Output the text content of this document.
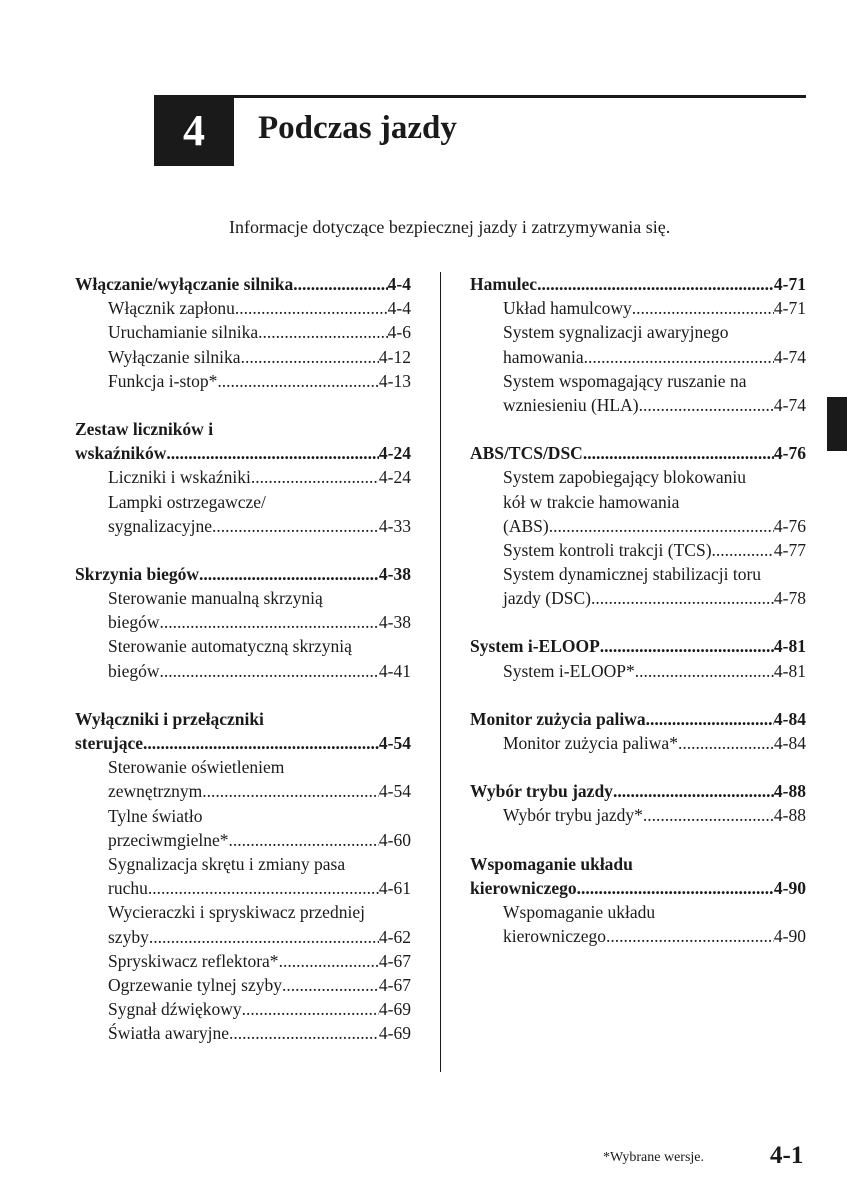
4 Podczas jazdy
Informacje dotyczące bezpiecznej jazdy i zatrzymywania się.
Włączanie/wyłączanie silnika .....	4-4
Włącznik zapłonu .....	4-4
Uruchamianie silnika .....	4-6
Wyłączanie silnika .....	4-12
Funkcja i-stop* .....	4-13
Zestaw liczników i
wskaźników .....	4-24
Liczniki i wskaźniki .....	4-24
Lampki ostrzegawcze/
sygnalizacyjne .....	4-33
Skrzynia biegów .....	4-38
Sterowanie manualną skrzynią
biegów .....	4-38
Sterowanie automatyczną skrzynią
biegów .....	4-41
Wyłączniki i przełączniki
sterujące .....	4-54
Sterowanie oświetleniem
zewnętrznym .....	4-54
Tylne światło
przeciwmgielne* .....	4-60
Sygnalizacja skrętu i zmiany pasa
ruchu .....	4-61
Wycieraczki i spryskiwacz przedniej
szyby .....	4-62
Spryskiwacz reflektora* .....	4-67
Ogrzewanie tylnej szyby .....	4-67
Sygnał dźwiękowy .....	4-69
Światła awaryjne .....	4-69
Hamulec .....	4-71
Układ hamulcowy .....	4-71
System sygnalizacji awaryjnego
hamowania .....	4-74
System wspomagający ruszanie na
wzniesieniu (HLA) .....	4-74
ABS/TCS/DSC .....	4-76
System zapobiegający blokowaniu
kół w trakcie hamowania
(ABS) .....	4-76
System kontroli trakcji (TCS) .....	4-77
System dynamicznej stabilizacji toru
jazdy (DSC) .....	4-78
System i-ELOOP .....	4-81
System i-ELOOP* .....	4-81
Monitor zużycia paliwa .....	4-84
Monitor zużycia paliwa* .....	4-84
Wybór trybu jazdy .....	4-88
Wybór trybu jazdy* .....	4-88
Wspomaganie układu
kierowniczego .....	4-90
Wspomaganie układu
kierowniczego .....	4-90
*Wybrane wersje.	4-1
